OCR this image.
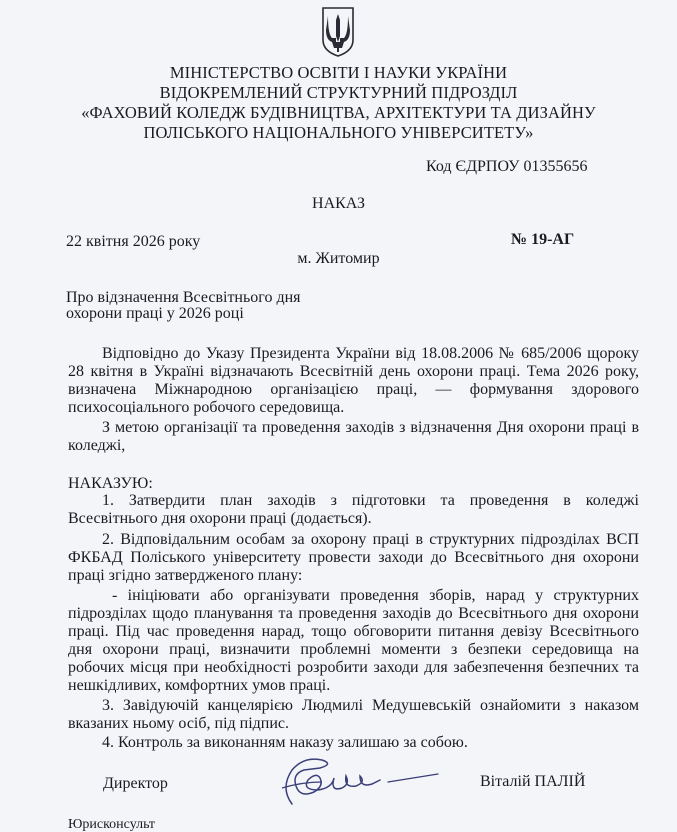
МІНІСТЕРСТВО ОСВІТИ І НАУКИ УКРАЇНИ
ВІДОКРЕМЛЕНИЙ СТРУКТУРНИЙ ПІДРОЗДІЛ
«ФАХОВИЙ КОЛЕДЖ БУДІВНИЦТВА, АРХІТЕКТУРИ ТА ДИЗАЙНУ
ПОЛІСЬКОГО НАЦІОНАЛЬНОГО УНІВЕРСИТЕТУ»
Код ЄДРПОУ 01355656
НАКАЗ
22 квітня 2026 року	№ 19-АГ
м. Житомир
Про відзначення Всесвітнього дня
охорони праці у 2026 році
Відповідно до Указу Президента України від 18.08.2006 № 685/2006 щороку
28 квітня в Україні відзначають Всесвітній день охорони праці. Тема 2026 року,
визначена Міжнародною організацією праці, — формування здорового
психосоціального робочого середовища.
З метою організації та проведення заходів з відзначення Дня охорони праці в
коледжі,
НАКАЗУЮ:
1. Затвердити план заходів з підготовки та проведення в коледжі
Всесвітнього дня охорони праці (додається).
2. Відповідальним особам за охорону праці в структурних підрозділах ВСП
ФКБАД Поліського університету провести заходи до Всесвітнього дня охорони
праці згідно затвердженого плану:
- ініціювати або організувати проведення зборів, нарад у структурних
підрозділах щодо планування та проведення заходів до Всесвітнього дня охорони
праці. Під час проведення нарад, тощо обговорити питання девізу Всесвітнього
дня охорони праці, визначити проблемні моменти з безпеки середовища на
робочих місця при необхідності розробити заходи для забезпечення безпечних та
нешкідливих, комфортних умов праці.
3. Завідуючій канцелярією Людмилі Медушевській ознайомити з наказом
вказаних ньому осіб, під підпис.
4. Контроль за виконанням наказу залишаю за собою.
Директор	Віталій ПАЛІЙ
Юрисконсульт
